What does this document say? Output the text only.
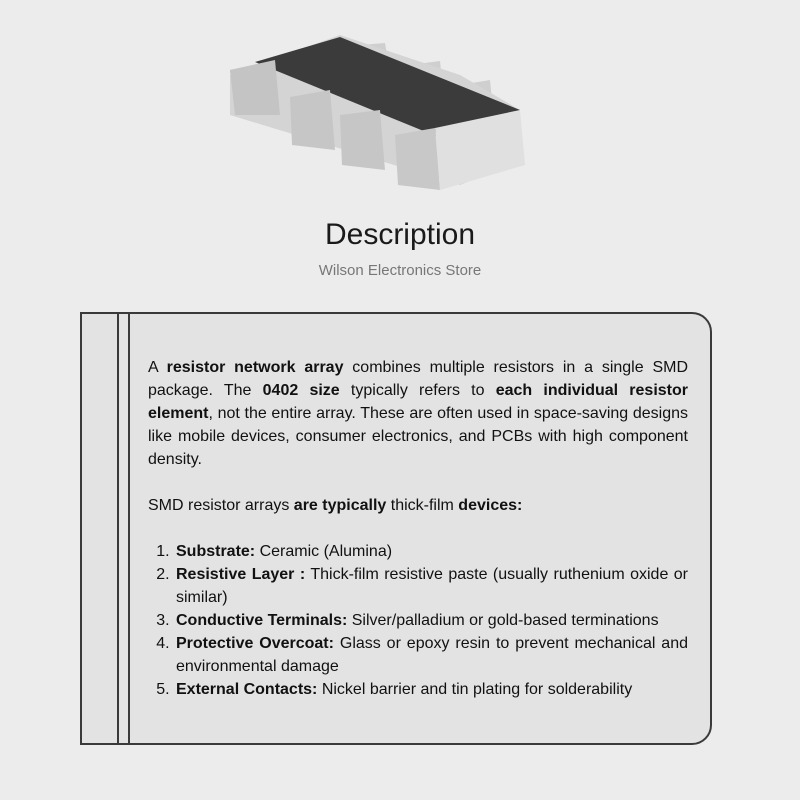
Description
Wilson Electronics Store

A resistor network array combines multiple resistors in a single SMD package. The 0402 size typically refers to each individual resistor element, not the entire array. These are often used in space-saving designs like mobile devices, consumer electronics, and PCBs with high component density.

SMD resistor arrays are typically thick-film devices:

1. Substrate: Ceramic (Alumina)
2. Resistive Layer : Thick-film resistive paste (usually ruthenium oxide or similar)
3. Conductive Terminals: Silver/palladium or gold-based terminations
4. Protective Overcoat: Glass or epoxy resin to prevent mechanical and environmental damage
5. External Contacts: Nickel barrier and tin plating for solderability
